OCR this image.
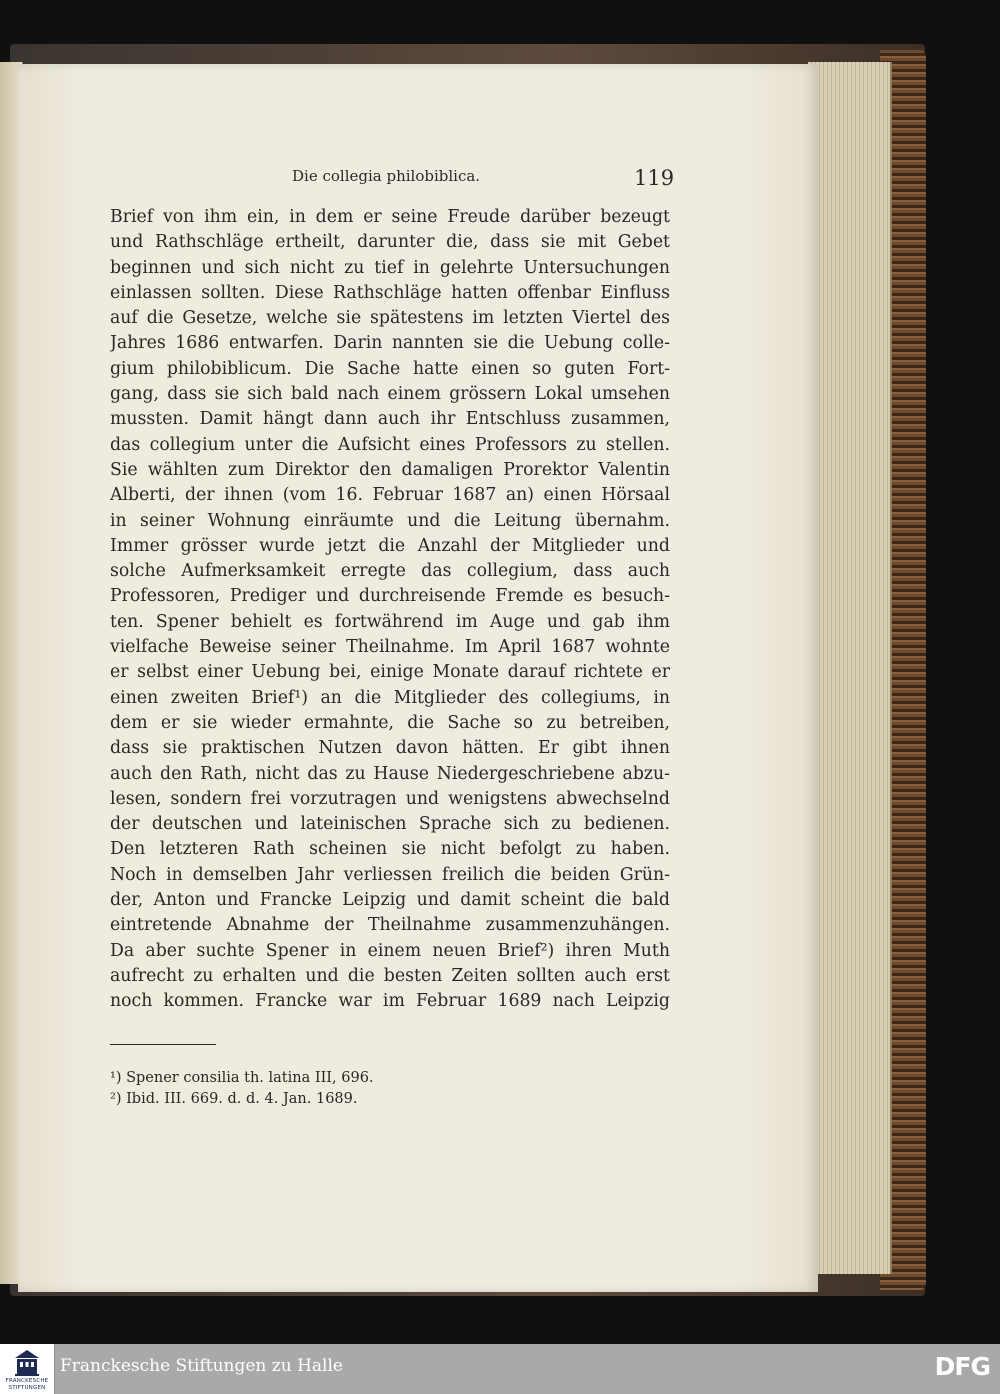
Die collegia philobiblica.	119
Brief von ihm ein, in dem er seine Freude darüber bezeugt
und Rathschläge ertheilt, darunter die, dass sie mit Gebet
beginnen und sich nicht zu tief in gelehrte Untersuchungen
einlassen sollten. Diese Rathschläge hatten offenbar Einfluss
auf die Gesetze, welche sie spätestens im letzten Viertel des
Jahres 1686 entwarfen. Darin nannten sie die Uebung colle-
gium philobiblicum. Die Sache hatte einen so guten Fort-
gang, dass sie sich bald nach einem grössern Lokal umsehen
mussten. Damit hängt dann auch ihr Entschluss zusammen,
das collegium unter die Aufsicht eines Professors zu stellen.
Sie wählten zum Direktor den damaligen Prorektor Valentin
Alberti, der ihnen (vom 16. Februar 1687 an) einen Hörsaal
in seiner Wohnung einräumte und die Leitung übernahm.
Immer grösser wurde jetzt die Anzahl der Mitglieder und
solche Aufmerksamkeit erregte das collegium, dass auch
Professoren, Prediger und durchreisende Fremde es besuch-
ten. Spener behielt es fortwährend im Auge und gab ihm
vielfache Beweise seiner Theilnahme. Im April 1687 wohnte
er selbst einer Uebung bei, einige Monate darauf richtete er
einen zweiten Brief¹) an die Mitglieder des collegiums, in
dem er sie wieder ermahnte, die Sache so zu betreiben,
dass sie praktischen Nutzen davon hätten. Er gibt ihnen
auch den Rath, nicht das zu Hause Niedergeschriebene abzu-
lesen, sondern frei vorzutragen und wenigstens abwechselnd
der deutschen und lateinischen Sprache sich zu bedienen.
Den letzteren Rath scheinen sie nicht befolgt zu haben.
Noch in demselben Jahr verliessen freilich die beiden Grün-
der, Anton und Francke Leipzig und damit scheint die bald
eintretende Abnahme der Theilnahme zusammenzuhängen.
Da aber suchte Spener in einem neuen Brief²) ihren Muth
aufrecht zu erhalten und die besten Zeiten sollten auch erst
noch kommen. Francke war im Februar 1689 nach Leipzig
¹) Spener consilia th. latina III, 696.
²) Ibid. III. 669. d. d. 4. Jan. 1689.
FRANCKESCHE
STIFTUNGEN
Franckesche Stiftungen zu Halle	DFG
